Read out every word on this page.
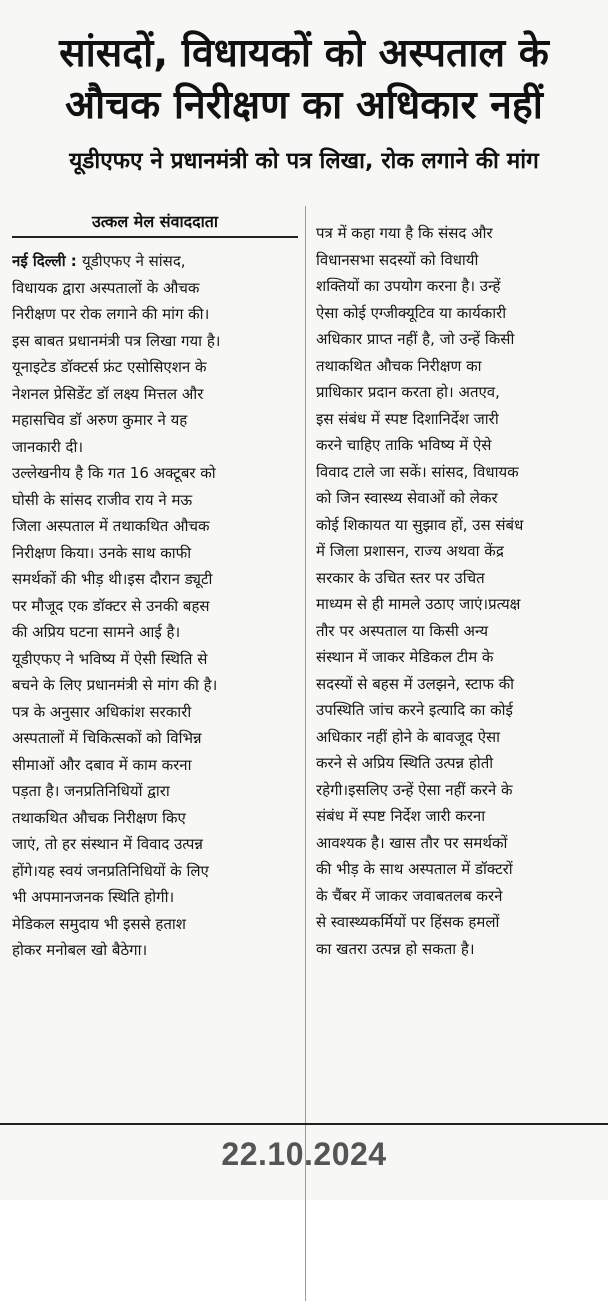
सांसदों, विधायकों को अस्पताल के
औचक निरीक्षण का अधिकार नहीं
यूडीएफए ने प्रधानमंत्री को पत्र लिखा, रोक लगाने की मांग
उत्कल मेल संवाददाता
नई दिल्ली : यूडीएफए ने सांसद,
विधायक द्वारा अस्पतालों के औचक
निरीक्षण पर रोक लगाने की मांग की।
इस बाबत प्रधानमंत्री पत्र लिखा गया है।
यूनाइटेड डॉक्टर्स फ्रंट एसोसिएशन के
नेशनल प्रेसिडेंट डॉ लक्ष्य मित्तल और
महासचिव डॉ अरुण कुमार ने यह
जानकारी दी।
उल्लेखनीय है कि गत 16 अक्टूबर को
घोसी के सांसद राजीव राय ने मऊ
जिला अस्पताल में तथाकथित औचक
निरीक्षण किया। उनके साथ काफी
समर्थकों की भीड़ थी।इस दौरान ड्यूटी
पर मौजूद एक डॉक्टर से उनकी बहस
की अप्रिय घटना सामने आई है।
यूडीएफए ने भविष्य में ऐसी स्थिति से
बचने के लिए प्रधानमंत्री से मांग की है।
पत्र के अनुसार अधिकांश सरकारी
अस्पतालों में चिकित्सकों को विभिन्न
सीमाओं और दबाव में काम करना
पड़ता है। जनप्रतिनिधियों द्वारा
तथाकथित औचक निरीक्षण किए
जाएं, तो हर संस्थान में विवाद उत्पन्न
होंगे।यह स्वयं जनप्रतिनिधियों के लिए
भी अपमानजनक स्थिति होगी।
मेडिकल समुदाय भी इससे हताश
होकर मनोबल खो बैठेगा।
पत्र में कहा गया है कि संसद और
विधानसभा सदस्यों को विधायी
शक्तियों का उपयोग करना है। उन्हें
ऐसा कोई एग्जीक्यूटिव या कार्यकारी
अधिकार प्राप्त नहीं है, जो उन्हें किसी
तथाकथित औचक निरीक्षण का
प्राधिकार प्रदान करता हो। अतएव,
इस संबंध में स्पष्ट दिशानिर्देश जारी
करने चाहिए ताकि भविष्य में ऐसे
विवाद टाले जा सकें। सांसद, विधायक
को जिन स्वास्थ्य सेवाओं को लेकर
कोई शिकायत या सुझाव हों, उस संबंध
में जिला प्रशासन, राज्य अथवा केंद्र
सरकार के उचित स्तर पर उचित
माध्यम से ही मामले उठाए जाएं।प्रत्यक्ष
तौर पर अस्पताल या किसी अन्य
संस्थान में जाकर मेडिकल टीम के
सदस्यों से बहस में उलझने, स्टाफ की
उपस्थिति जांच करने इत्यादि का कोई
अधिकार नहीं होने के बावजूद ऐसा
करने से अप्रिय स्थिति उत्पन्न होती
रहेगी।इसलिए उन्हें ऐसा नहीं करने के
संबंध में स्पष्ट निर्देश जारी करना
आवश्यक है। खास तौर पर समर्थकों
की भीड़ के साथ अस्पताल में डॉक्टरों
के चैंबर में जाकर जवाबतलब करने
से स्वास्थ्यकर्मियों पर हिंसक हमलों
का खतरा उत्पन्न हो सकता है।
22.10.2024
